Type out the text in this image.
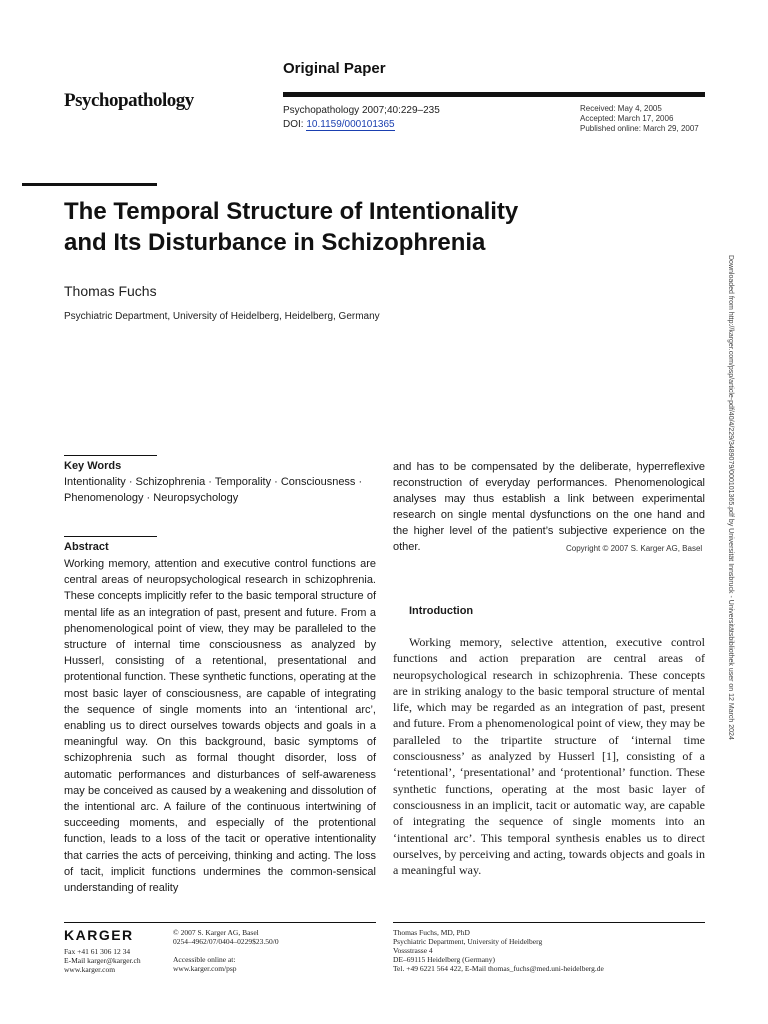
Psychopathology
Original Paper
Psychopathology 2007;40:229–235
DOI: 10.1159/000101365
Received: May 4, 2005
Accepted: March 17, 2006
Published online: March 29, 2007
The Temporal Structure of Intentionality
and Its Disturbance in Schizophrenia
Thomas Fuchs
Psychiatric Department, University of Heidelberg, Heidelberg, Germany	Downloaded from http://karger.com/psp/article-pdf/40/4/229/3489079/000101365.pdf by Universität Innsbruck - Universitätsbibliothek user on 12 March 2024
Key Words
Intentionality · Schizophrenia · Temporality · Consciousness · Phenomenology · Neuropsychology
Abstract
Working memory, attention and executive control functions are central areas of neuropsychological research in schizophrenia. These concepts implicitly refer to the basic temporal structure of mental life as an integration of past, present and future. From a phenomenological point of view, they may be paralleled to the structure of internal time consciousness as analyzed by Husserl, consisting of a retentional, presentational and protentional function. These synthetic functions, operating at the most basic layer of consciousness, are capable of integrating the sequence of single moments into an ‘intentional arc’, enabling us to direct ourselves towards objects and goals in a meaningful way. On this background, basic symptoms of schizophrenia such as formal thought disorder, loss of automatic performances and disturbances of self-awareness may be conceived as caused by a weakening and dissolution of the intentional arc. A failure of the continuous intertwining of succeeding moments, and especially of the protentional function, leads to a loss of the tacit or operative intentionality that carries the acts of perceiving, thinking and acting. The loss of tacit, implicit functions undermines the common-sensical understanding of reality
and has to be compensated by the deliberate, hyperreflexive reconstruction of everyday performances. Phenomenological analyses may thus establish a link between experimental research on single mental dysfunctions on the one hand and the higher level of the patient’s subjective experience on the other.	Copyright © 2007 S. Karger AG, Basel
Introduction
Working memory, selective attention, executive control functions and action preparation are central areas of neuropsychological research in schizophrenia. These concepts are in striking analogy to the basic temporal structure of mental life, which may be regarded as an integration of past, present and future. From a phenomenological point of view, they may be paralleled to the tripartite structure of ‘internal time consciousness’ as analyzed by Husserl [1], consisting of a ‘retentional’, ‘presentational’ and ‘protentional’ function. These synthetic functions, operating at the most basic layer of consciousness in an implicit, tacit or automatic way, are capable of integrating the sequence of single moments into an ‘intentional arc’. This temporal synthesis enables us to direct ourselves, by perceiving and acting, towards objects and goals in a meaningful way.
KARGER
Fax +41 61 306 12 34
E-Mail karger@karger.ch
www.karger.com
© 2007 S. Karger AG, Basel
0254–4962/07/0404–0229$23.50/0
Accessible online at:
www.karger.com/psp
Thomas Fuchs, MD, PhD
Psychiatric Department, University of Heidelberg
Vossstrasse 4
DE–69115 Heidelberg (Germany)
Tel. +49 6221 564 422, E-Mail thomas_fuchs@med.uni-heidelberg.de
